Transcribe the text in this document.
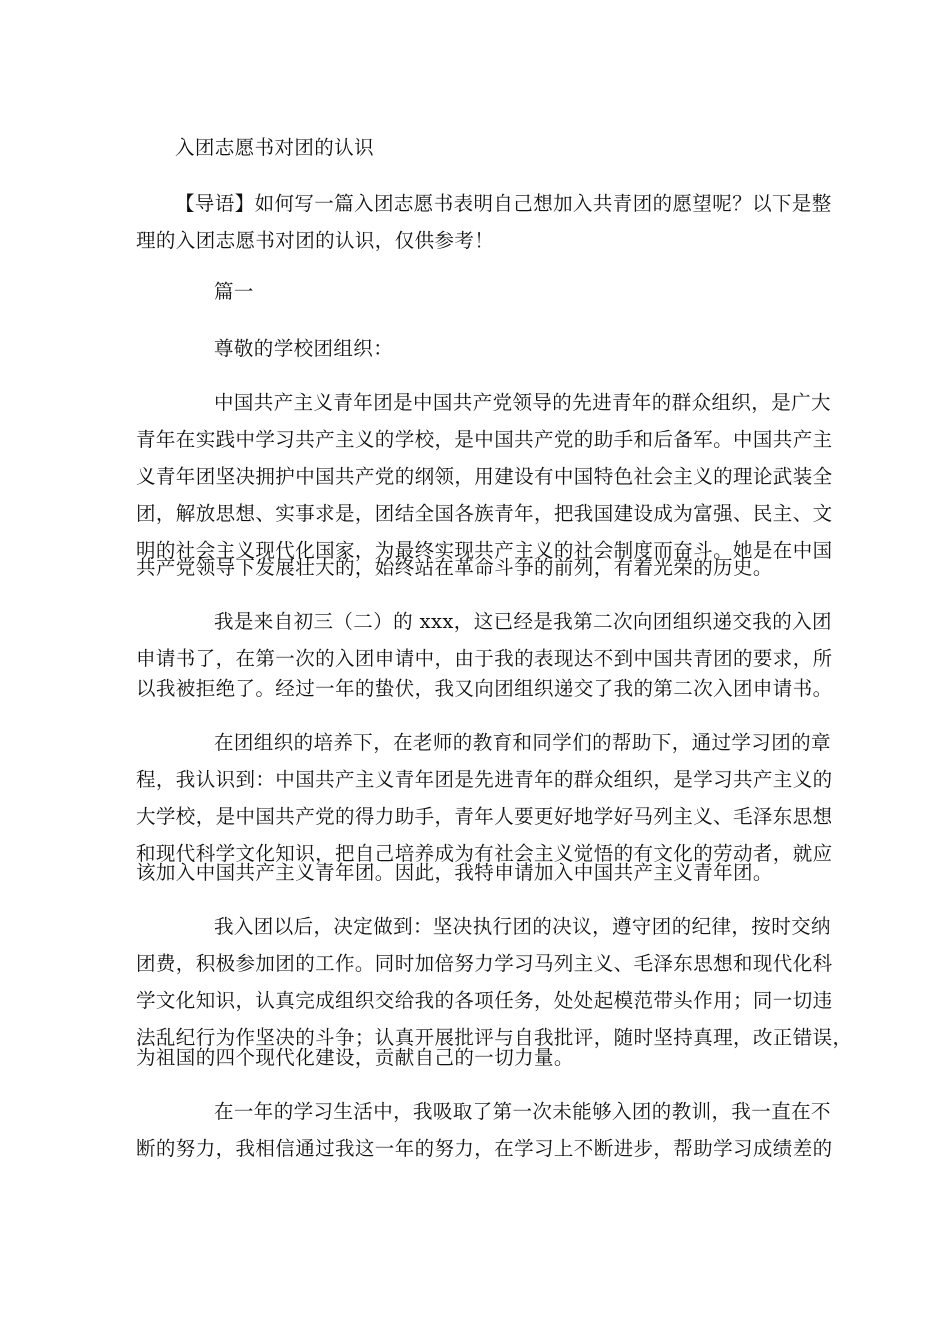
入团志愿书对团的认识
【导语】如何写一篇入团志愿书表明自己想加入共青团的愿望呢？以下是整
理的入团志愿书对团的认识，仅供参考！
篇一
尊敬的学校团组织：
中国共产主义青年团是中国共产党领导的先进青年的群众组织，是广大
青年在实践中学习共产主义的学校，是中国共产党的助手和后备军。中国共产主
义青年团坚决拥护中国共产党的纲领，用建设有中国特色社会主义的理论武装全
团，解放思想、实事求是，团结全国各族青年，把我国建设成为富强、民主、文
明的社会主义现代化国家，为最终实现共产主义的社会制度而奋斗。她是在中国
共产党领导下发展壮大的，始终站在革命斗争的前列，有着光荣的历史。
我是来自初三（二）的 xxx，这已经是我第二次向团组织递交我的入团
申请书了，在第一次的入团申请中，由于我的表现达不到中国共青团的要求，所
以我被拒绝了。经过一年的蛰伏，我又向团组织递交了我的第二次入团申请书。
在团组织的培养下，在老师的教育和同学们的帮助下，通过学习团的章
程，我认识到：中国共产主义青年团是先进青年的群众组织，是学习共产主义的
大学校，是中国共产党的得力助手，青年人要更好地学好马列主义、毛泽东思想
和现代科学文化知识，把自己培养成为有社会主义觉悟的有文化的劳动者，就应
该加入中国共产主义青年团。因此，我特申请加入中国共产主义青年团。
我入团以后，决定做到：坚决执行团的决议，遵守团的纪律，按时交纳
团费，积极参加团的工作。同时加倍努力学习马列主义、毛泽东思想和现代化科
学文化知识，认真完成组织交给我的各项任务，处处起模范带头作用；同一切违
法乱纪行为作坚决的斗争；认真开展批评与自我批评，随时坚持真理，改正错误，
为祖国的四个现代化建设，贡献自己的一切力量。
在一年的学习生活中，我吸取了第一次未能够入团的教训，我一直在不
断的努力，我相信通过我这一年的努力，在学习上不断进步，帮助学习成绩差的
